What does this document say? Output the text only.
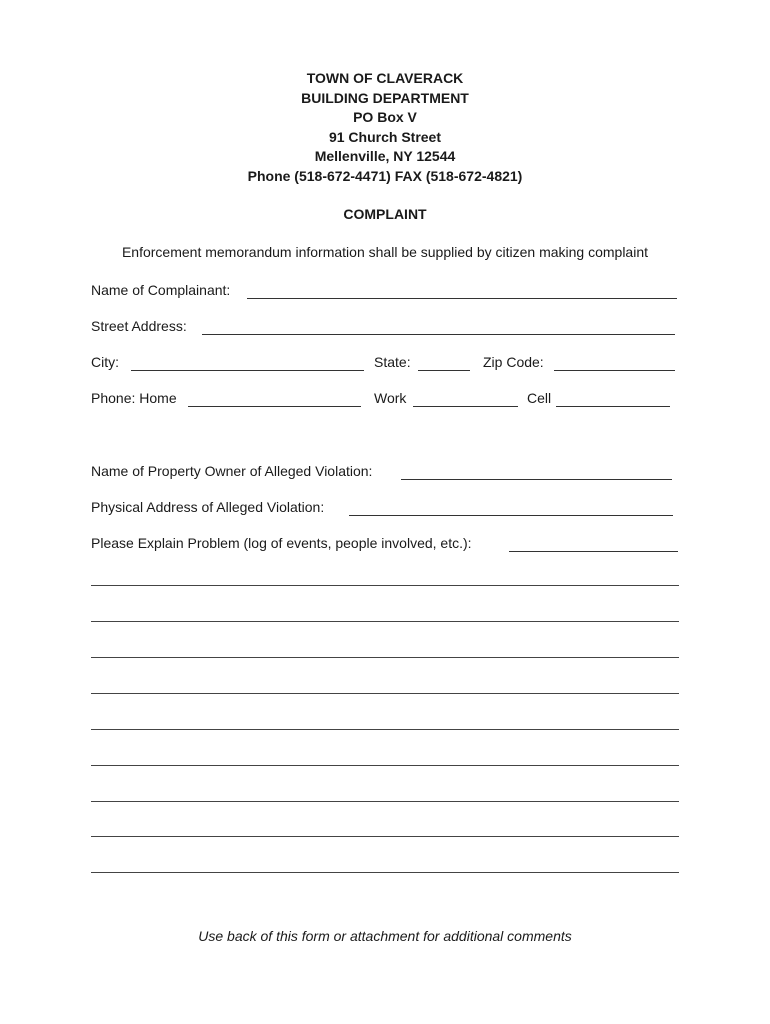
TOWN OF CLAVERACK
BUILDING DEPARTMENT
PO Box V
91 Church Street
Mellenville, NY 12544
Phone (518-672-4471) FAX (518-672-4821)
COMPLAINT
Enforcement memorandum information shall be supplied by citizen making complaint
Name of Complainant:
Street Address:
City:	State:	Zip Code:
Phone: Home	Work	Cell
Name of Property Owner of Alleged Violation:
Physical Address of Alleged Violation:
Please Explain Problem (log of events, people involved, etc.):
Use back of this form or attachment for additional comments
